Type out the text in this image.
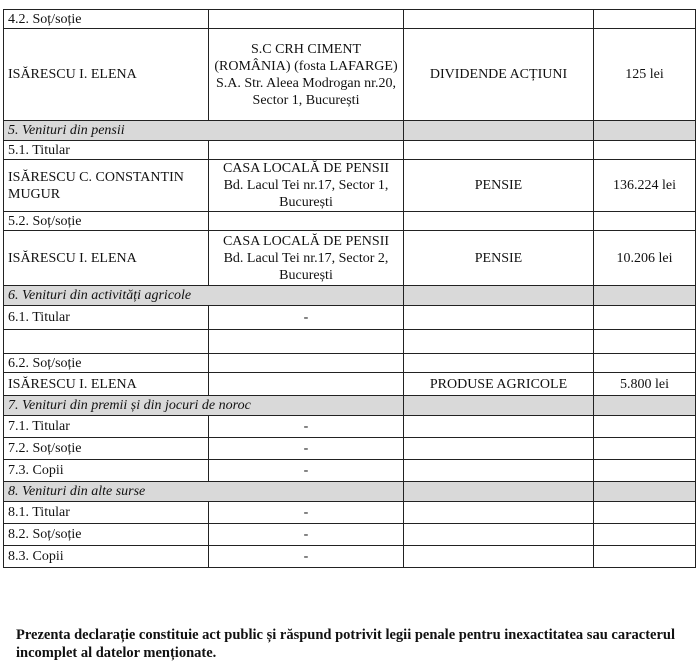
4.2. Soț/soție			
ISĂRESCU I. ELENA	S.C CRH CIMENT (ROMÂNIA) (fosta LAFARGE) S.A. Str. Aleea Modrogan nr.20, Sector 1, București	DIVIDENDE ACȚIUNI	125 lei
5. Venituri din pensii			
5.1. Titular			
ISĂRESCU C. CONSTANTIN MUGUR	CASA LOCALĂ DE PENSII Bd. Lacul Tei nr.17, Sector 1, București	PENSIE	136.224 lei
5.2. Soț/soție			
ISĂRESCU I. ELENA	CASA LOCALĂ DE PENSII Bd. Lacul Tei nr.17, Sector 2, București	PENSIE	10.206 lei
6. Venituri din activități agricole			
6.1. Titular	-		

6.2. Soț/soție			
ISĂRESCU I. ELENA		PRODUSE AGRICOLE	5.800 lei
7. Venituri din premii și din jocuri de noroc			
7.1. Titular	-		
7.2. Soț/soție	-		
7.3. Copii	-		
8. Venituri din alte surse			
8.1. Titular	-		
8.2. Soț/soție	-		
8.3. Copii	-		

Prezenta declarație constituie act public și răspund potrivit legii penale pentru inexactitatea sau caracterul incomplet al datelor menționate.
